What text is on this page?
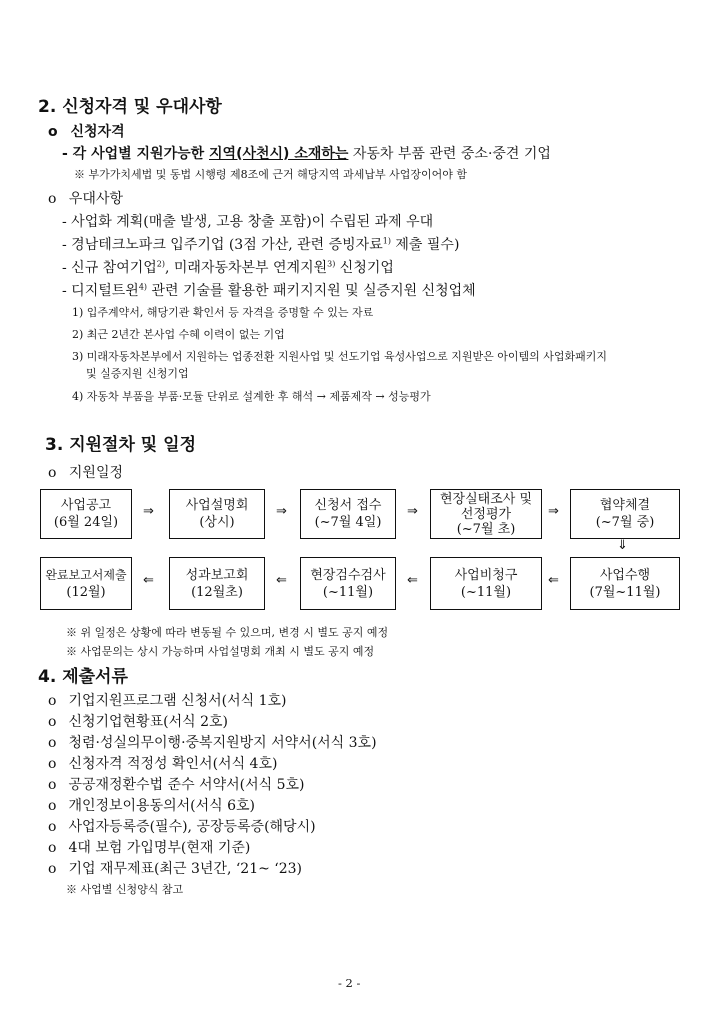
2. 신청자격 및 우대사항
o 신청자격
- 각 사업별 지원가능한 지역(사천시) 소재하는 자동차 부품 관련 중소·중견 기업
※ 부가가치세법 및 동법 시행령 제8조에 근거 해당지역 과세납부 사업장이어야 함
o 우대사항
- 사업화 계획(매출 발생, 고용 창출 포함)이 수립된 과제 우대
- 경남테크노파크 입주기업 (3점 가산, 관련 증빙자료$^{1)}$ 제출 필수)
- 신규 참여기업$^{2)}$, 미래자동차본부 연계지원$^{3)}$ 신청기업
- 디지털트윈$^{4)}$ 관련 기술를 활용한 패키지지원 및 실증지원 신청업체
1) 입주계약서, 해당기관 확인서 등 자격을 증명할 수 있는 자료
2) 최근 2년간 본사업 수혜 이력이 없는 기업
3) 미래자동차본부에서 지원하는 업종전환 지원사업 및 선도기업 육성사업으로 지원받은 아이템의 사업화패키지
및 실증지원 신청기업
4) 자동차 부품을 부품·모듈 단위로 설계한 후 해석 → 제품제작 → 성능평가
3. 지원절차 및 일정
o 지원일정
사업공고
(6월 24일)
⇒ 사업설명회
(상시)
⇒ 신청서 접수
(~7월 4일)
⇒
현장실태조사 및
선정평가
(~7월 초)
⇒	협약체결
(~7월 중)
⇓
완료보고서제출
(12월)
⇐ 성과보고회
(12월초)
⇐ 현장검수검사
(~11월)
⇐	사업비청구
(~11월)
⇐	사업수행
(7월~11월)
※ 위 일정은 상황에 따라 변동될 수 있으며, 변경 시 별도 공지 예정
※ 사업문의는 상시 가능하며 사업설명회 개최 시 별도 공지 예정
4. 제출서류
o 기업지원프로그램 신청서(서식 1호)
o 신청기업현황표(서식 2호)
o 청렴·성실의무이행·중복지원방지 서약서(서식 3호)
o 신청자격 적정성 확인서(서식 4호)
o 공공재정환수법 준수 서약서(서식 5호)
o 개인정보이용동의서(서식 6호)
o 사업자등록증(필수), 공장등록증(해당시)
o 4대 보험 가입명부(현재 기준)
o 기업 재무제표(최근 3년간, ‘21~ ‘23)
※ 사업별 신청양식 참고
- 2 -
